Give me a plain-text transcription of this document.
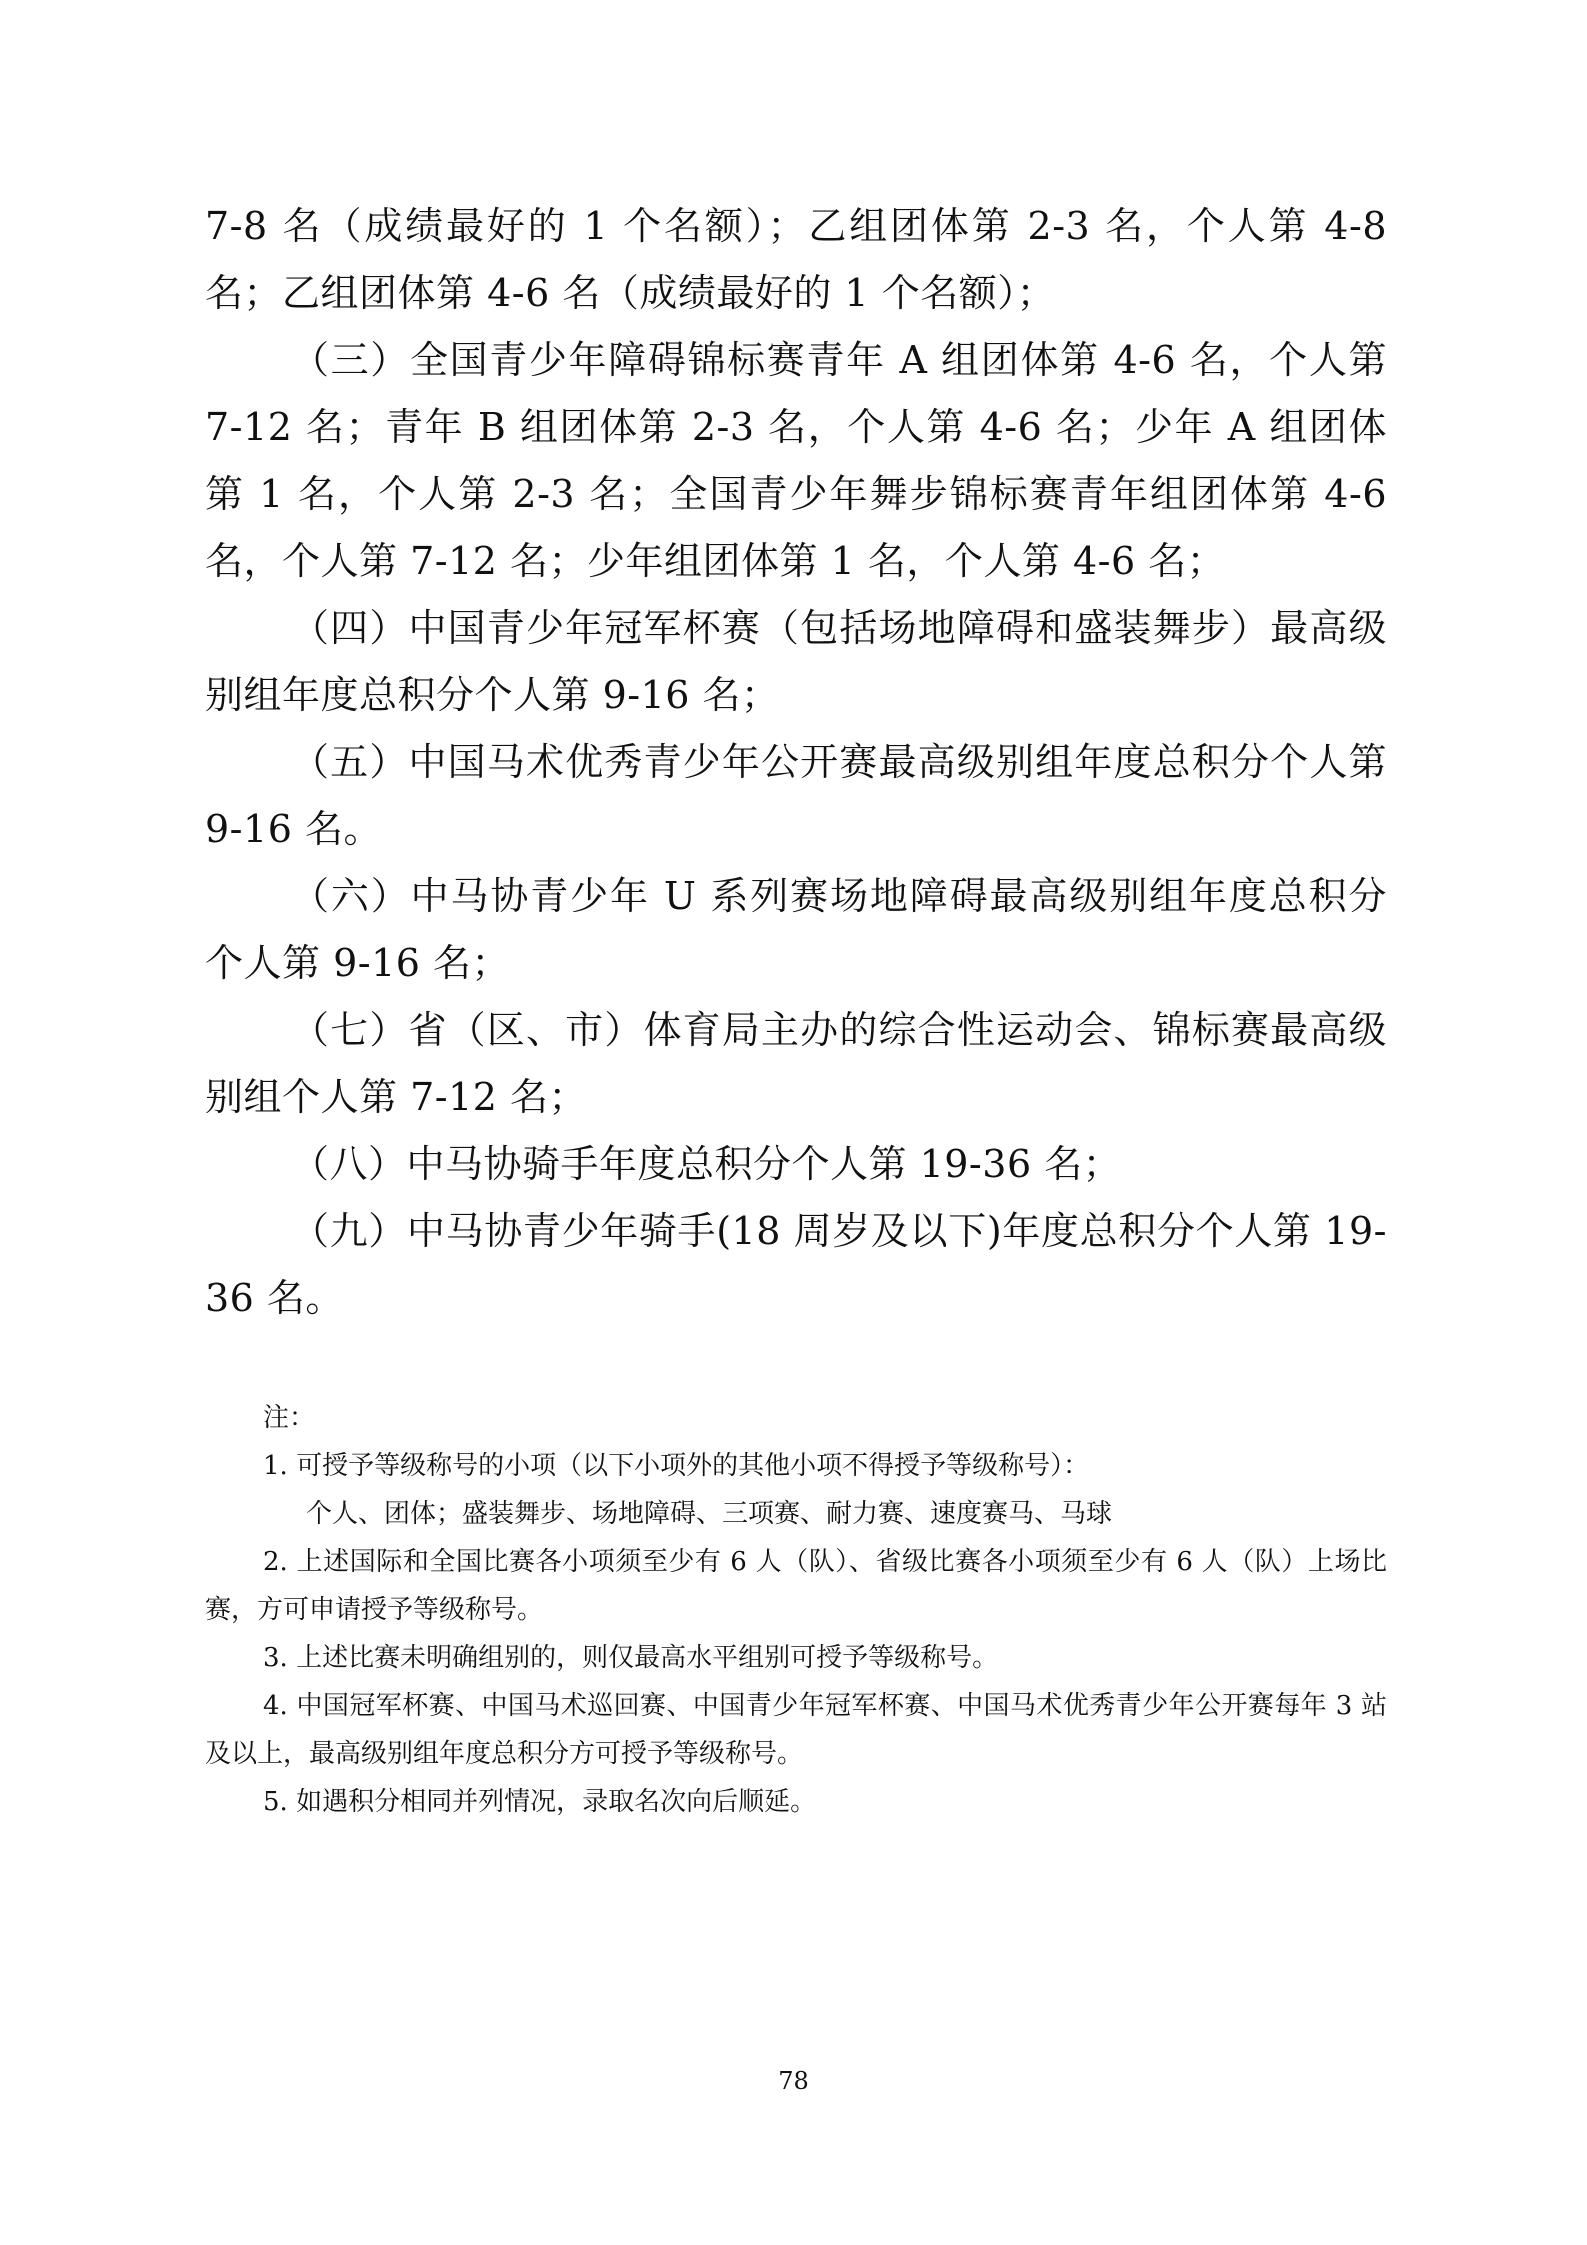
7-8 名（成绩最好的 1 个名额）；乙组团体第 2-3 名，个人第 4-8 名；乙组团体第 4-6 名（成绩最好的 1 个名额）；

（三）全国青少年障碍锦标赛青年 A 组团体第 4-6 名，个人第 7-12 名；青年 B 组团体第 2-3 名，个人第 4-6 名；少年 A 组团体第 1 名，个人第 2-3 名；全国青少年舞步锦标赛青年组团体第 4-6 名，个人第 7-12 名；少年组团体第 1 名，个人第 4-6 名；

（四）中国青少年冠军杯赛（包括场地障碍和盛装舞步）最高级别组年度总积分个人第 9-16 名；

（五）中国马术优秀青少年公开赛最高级别组年度总积分个人第 9-16 名。

（六）中马协青少年 U 系列赛场地障碍最高级别组年度总积分个人第 9-16 名；

（七）省（区、市）体育局主办的综合性运动会、锦标赛最高级别组个人第 7-12 名；

（八）中马协骑手年度总积分个人第 19-36 名；

（九）中马协青少年骑手(18 周岁及以下)年度总积分个人第 19-36 名。

注：

1. 可授予等级称号的小项（以下小项外的其他小项不得授予等级称号）：

个人、团体；盛装舞步、场地障碍、三项赛、耐力赛、速度赛马、马球

2. 上述国际和全国比赛各小项须至少有 6 人（队）、省级比赛各小项须至少有 6 人（队）上场比赛，方可申请授予等级称号。

3. 上述比赛未明确组别的，则仅最高水平组别可授予等级称号。

4. 中国冠军杯赛、中国马术巡回赛、中国青少年冠军杯赛、中国马术优秀青少年公开赛每年 3 站及以上，最高级别组年度总积分方可授予等级称号。

5. 如遇积分相同并列情况，录取名次向后顺延。

78
